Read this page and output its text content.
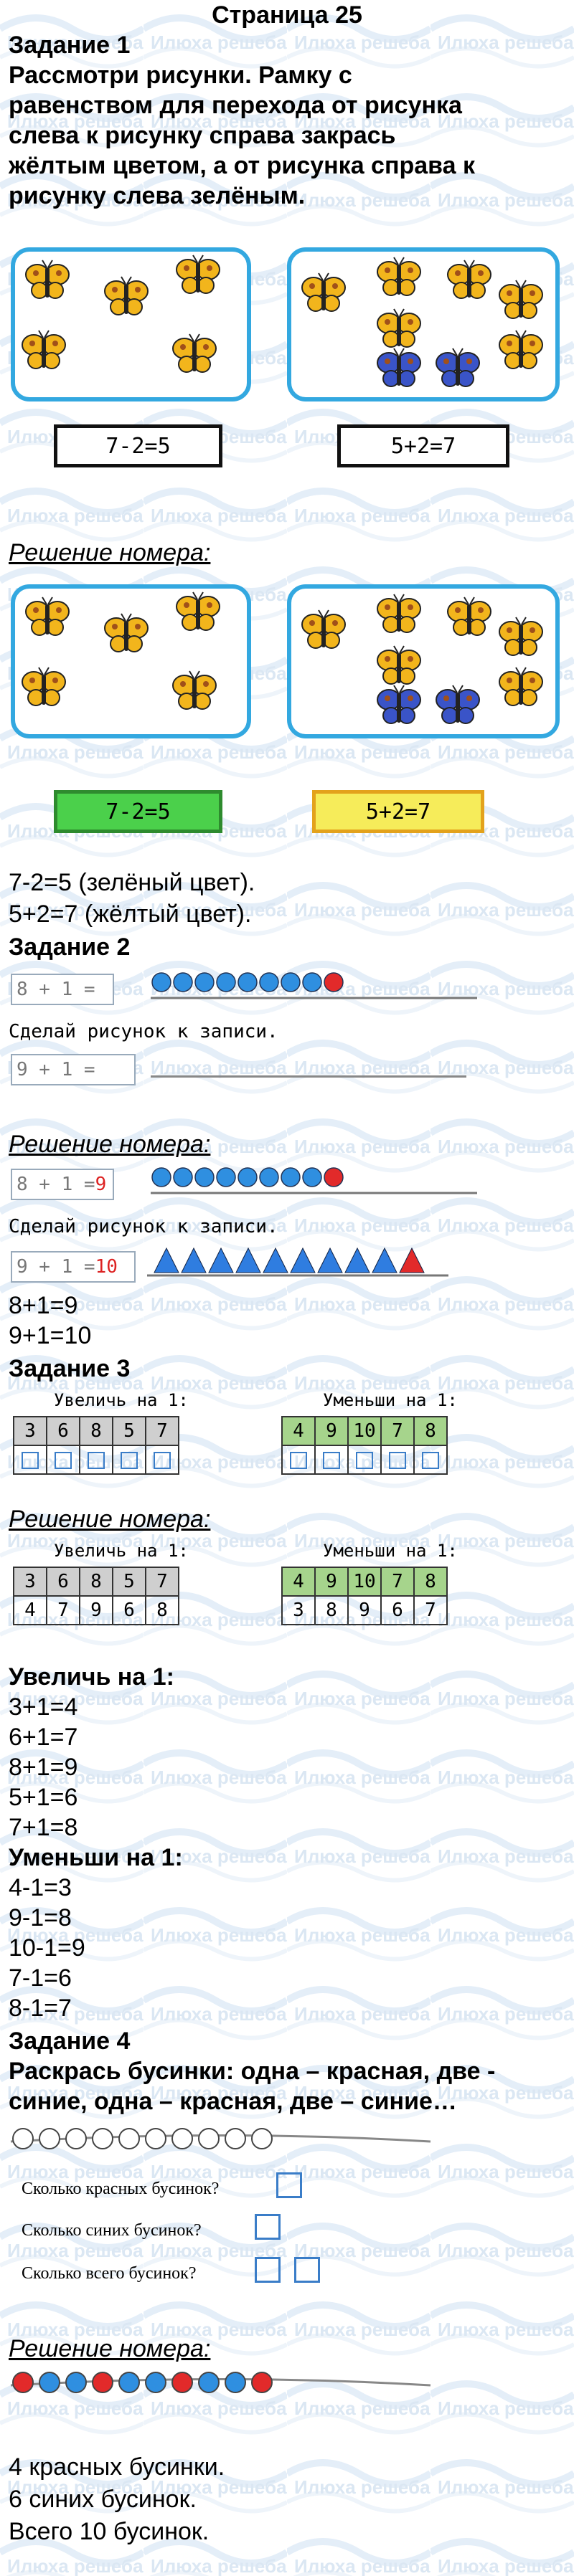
Страница 25
Задание 1
Рассмотри рисунки. Рамку с
равенством для перехода от рисунка
слева к рисунку справа закрась
жёлтым цветом, а от рисунка справа к
рисунку слева зелёным.
7-2=5	5+2=7
Решение номера:
7-2=5	5+2=7
7-2=5 (зелёный цвет).
5+2=7 (жёлтый цвет).
Задание 2
8 + 1 =
Сделай рисунок к записи.
9 + 1 =
Решение номера:
8 + 1 =9
Сделай рисунок к записи.
9 + 1 =10
8+1=9
9+1=10
Задание 3
Увеличь на 1:	Уменьши на 1:
3	6	8	5	7
					4	9	10	7	8

Решение номера:
Увеличь на 1:	Уменьши на 1:
3	6	8	5	7
4	7	9	6	8
4	9	10	7	8
3	8	9	6	7
Увеличь на 1:
3+1=4
6+1=7
8+1=9
5+1=6
7+1=8
Уменьши на 1:
4-1=3
9-1=8
10-1=9
7-1=6
8-1=7
Задание 4
Раскрась бусинки: одна – красная, две -
синие, одна – красная, две – синие…
Сколько красных бусинок?
Сколько синих бусинок?
Сколько всего бусинок?
Решение номера:
4 красных бусинки.
6 синих бусинок.
Всего 10 бусинок.
